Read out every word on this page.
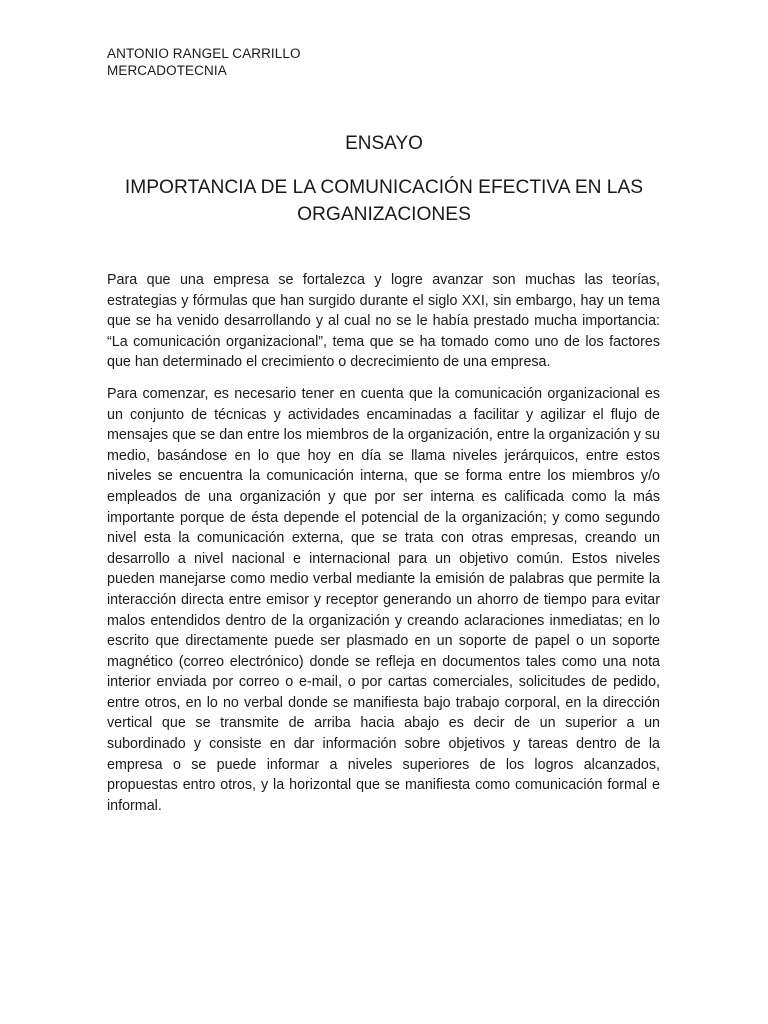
ANTONIO RANGEL CARRILLO
MERCADOTECNIA
ENSAYO
IMPORTANCIA DE LA COMUNICACIÓN EFECTIVA EN LAS ORGANIZACIONES

Para que una empresa se fortalezca y logre avanzar son muchas las teorías, estrategias y fórmulas que han surgido durante el siglo XXI, sin embargo, hay un tema que se ha venido desarrollando y al cual no se le había prestado mucha importancia: “La comunicación organizacional”, tema que se ha tomado como uno de los factores que han determinado el crecimiento o decrecimiento de una empresa.

Para comenzar, es necesario tener en cuenta que la comunicación organizacional es un conjunto de técnicas y actividades encaminadas a facilitar y agilizar el flujo de mensajes que se dan entre los miembros de la organización, entre la organización y su medio, basándose en lo que hoy en día se llama niveles jerárquicos, entre estos niveles se encuentra la comunicación interna, que se forma entre los miembros y/o empleados de una organización y que por ser interna es calificada como la más importante porque de ésta depende el potencial de la organización; y como segundo nivel esta la comunicación externa, que se trata con otras empresas, creando un desarrollo a nivel nacional e internacional para un objetivo común. Estos niveles pueden manejarse como medio verbal mediante la emisión de palabras que permite la interacción directa entre emisor y receptor generando un ahorro de tiempo para evitar malos entendidos dentro de la organización y creando aclaraciones inmediatas; en lo escrito que directamente puede ser plasmado en un soporte de papel o un soporte magnético (correo electrónico) donde se refleja en documentos tales como una nota interior enviada por correo o e-mail, o por cartas comerciales, solicitudes de pedido, entre otros, en lo no verbal donde se manifiesta bajo trabajo corporal, en la dirección vertical que se transmite de arriba hacia abajo es decir de un superior a un subordinado y consiste en dar información sobre objetivos y tareas dentro de la empresa o se puede informar a niveles superiores de los logros alcanzados, propuestas entro otros, y la horizontal que se manifiesta como comunicación formal e informal.
